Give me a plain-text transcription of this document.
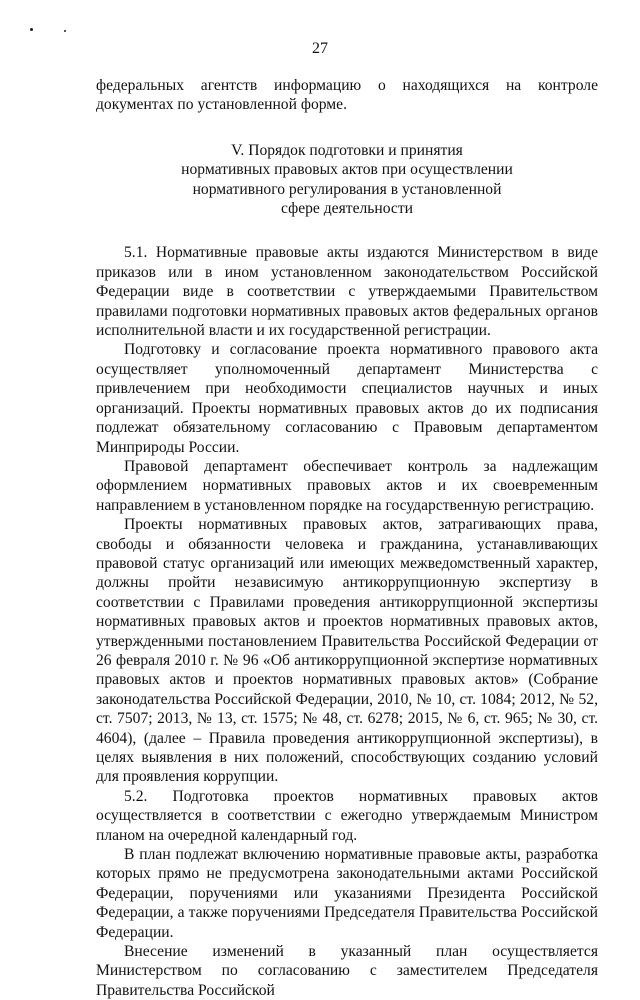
27

федеральных агентств информацию о находящихся на контроле документах по установленной форме.

V. Порядок подготовки и принятия
нормативных правовых актов при осуществлении
нормативного регулирования в установленной
сфере деятельности

5.1. Нормативные правовые акты издаются Министерством в виде приказов или в ином установленном законодательством Российской Федерации виде в соответствии с утверждаемыми Правительством правилами подготовки нормативных правовых актов федеральных органов исполнительной власти и их государственной регистрации.

Подготовку и согласование проекта нормативного правового акта осуществляет уполномоченный департамент Министерства с привлечением при необходимости специалистов научных и иных организаций. Проекты нормативных правовых актов до их подписания подлежат обязательному согласованию с Правовым департаментом Минприроды России.

Правовой департамент обеспечивает контроль за надлежащим оформлением нормативных правовых актов и их своевременным направлением в установленном порядке на государственную регистрацию.

Проекты нормативных правовых актов, затрагивающих права, свободы и обязанности человека и гражданина, устанавливающих правовой статус организаций или имеющих межведомственный характер, должны пройти независимую антикоррупционную экспертизу в соответствии с Правилами проведения антикоррупционной экспертизы нормативных правовых актов и проектов нормативных правовых актов, утвержденными постановлением Правительства Российской Федерации от 26 февраля 2010 г. № 96 «Об антикоррупционной экспертизе нормативных правовых актов и проектов нормативных правовых актов» (Собрание законодательства Российской Федерации, 2010, № 10, ст. 1084; 2012, № 52, ст. 7507; 2013, № 13, ст. 1575; № 48, ст. 6278; 2015, № 6, ст. 965; № 30, ст. 4604), (далее – Правила проведения антикоррупционной экспертизы), в целях выявления в них положений, способствующих созданию условий для проявления коррупции.

5.2. Подготовка проектов нормативных правовых актов осуществляется в соответствии с ежегодно утверждаемым Министром планом на очередной календарный год.

В план подлежат включению нормативные правовые акты, разработка которых прямо не предусмотрена законодательными актами Российской Федерации, поручениями или указаниями Президента Российской Федерации, а также поручениями Председателя Правительства Российской Федерации.

Внесение изменений в указанный план осуществляется Министерством по согласованию с заместителем Председателя Правительства Российской
